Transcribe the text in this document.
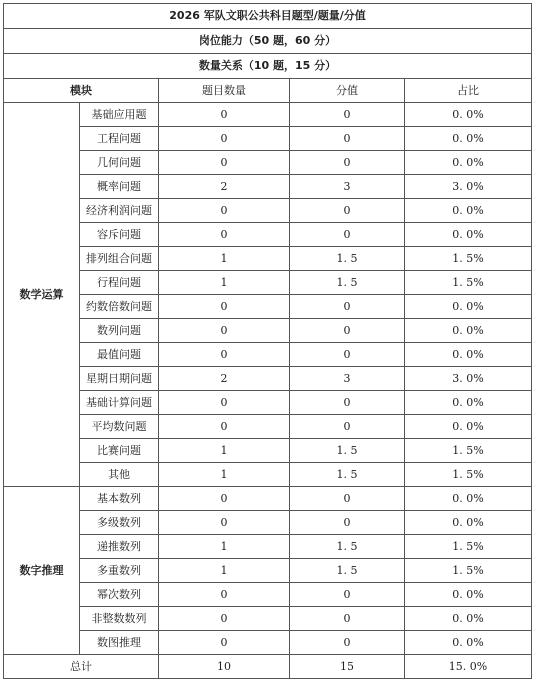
2026 军队文职公共科目题型/题量/分值				
岗位能力（50 题，60 分）				
数量关系（10 题，15 分）				
模块		题目数量	分值	占比
数学运算	基础应用题	0	0	0. 0%
	工程问题	0	0	0. 0%
	几何问题	0	0	0. 0%
	概率问题	2	3	3. 0%
	经济利润问题	0	0	0. 0%
	容斥问题	0	0	0. 0%
	排列组合问题	1	1. 5	1. 5%
	行程问题	1	1. 5	1. 5%
	约数倍数问题	0	0	0. 0%
	数列问题	0	0	0. 0%
	最值问题	0	0	0. 0%
	星期日期问题	2	3	3. 0%
	基础计算问题	0	0	0. 0%
	平均数问题	0	0	0. 0%
	比赛问题	1	1. 5	1. 5%
	其他	1	1. 5	1. 5%
数字推理	基本数列	0	0	0. 0%
	多级数列	0	0	0. 0%
	递推数列	1	1. 5	1. 5%
	多重数列	1	1. 5	1. 5%
	幂次数列	0	0	0. 0%
	非整数数列	0	0	0. 0%
	数图推理	0	0	0. 0%
总计		10	15	15. 0%
